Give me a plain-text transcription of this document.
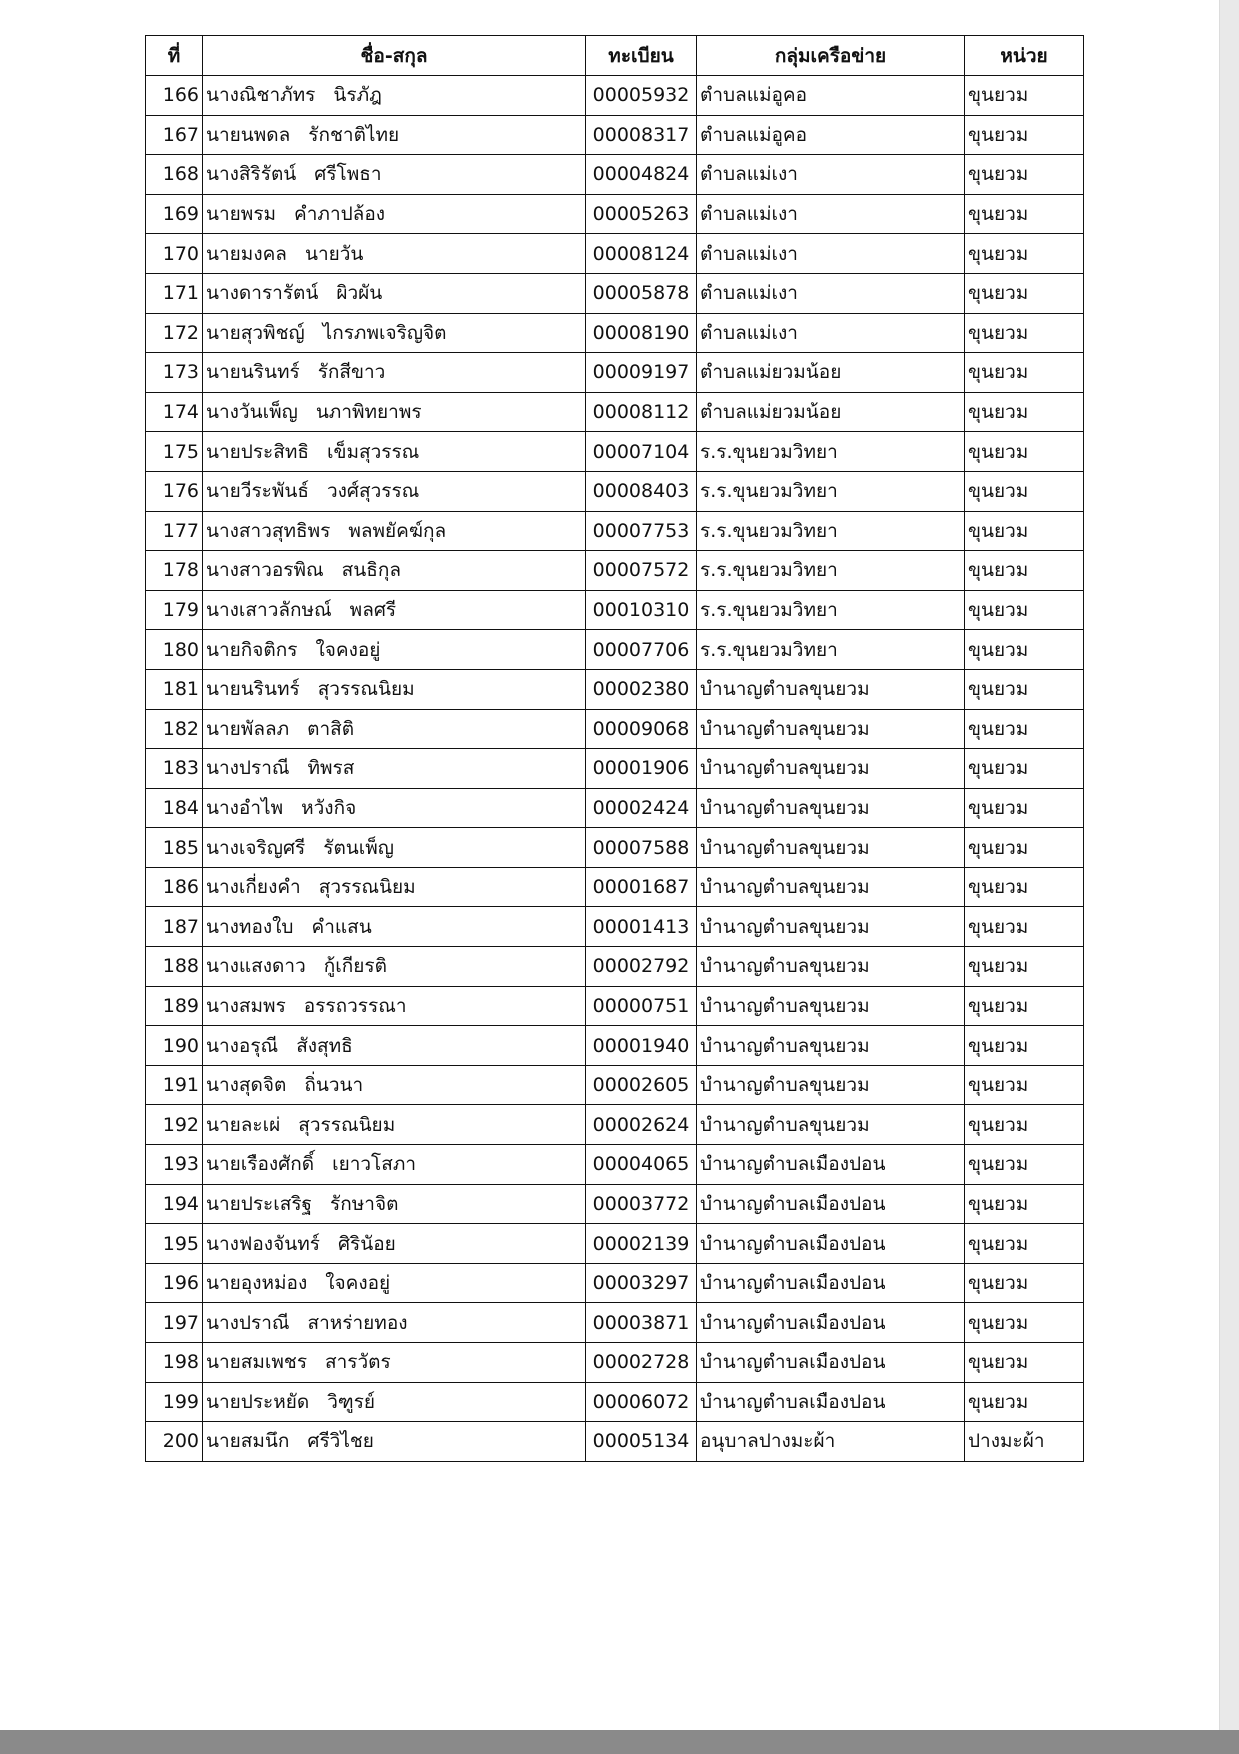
ที่	ชื่อ-สกุล	ทะเบียน	กลุ่มเครือข่าย	หน่วย
166	นางณิชาภัทร นิรภัฎ	00005932	ตำบลแม่อูคอ	ขุนยวม
167	นายนพดล รักชาติไทย	00008317	ตำบลแม่อูคอ	ขุนยวม
168	นางสิริรัตน์ ศรีโพธา	00004824	ตำบลแม่เงา	ขุนยวม
169	นายพรม คำภาปล้อง	00005263	ตำบลแม่เงา	ขุนยวม
170	นายมงคล นายวัน	00008124	ตำบลแม่เงา	ขุนยวม
171	นางดารารัตน์ ผิวผัน	00005878	ตำบลแม่เงา	ขุนยวม
172	นายสุวพิชญ์ ไกรภพเจริญจิต	00008190	ตำบลแม่เงา	ขุนยวม
173	นายนรินทร์ รักสีขาว	00009197	ตำบลแม่ยวมน้อย	ขุนยวม
174	นางวันเพ็ญ นภาพิทยาพร	00008112	ตำบลแม่ยวมน้อย	ขุนยวม
175	นายประสิทธิ เข็มสุวรรณ	00007104	ร.ร.ขุนยวมวิทยา	ขุนยวม
176	นายวีระพันธ์ วงศ์สุวรรณ	00008403	ร.ร.ขุนยวมวิทยา	ขุนยวม
177	นางสาวสุทธิพร พลพยัคฆ์กุล	00007753	ร.ร.ขุนยวมวิทยา	ขุนยวม
178	นางสาวอรพิณ สนธิกุล	00007572	ร.ร.ขุนยวมวิทยา	ขุนยวม
179	นางเสาวลักษณ์ พลศรี	00010310	ร.ร.ขุนยวมวิทยา	ขุนยวม
180	นายกิจติกร ใจคงอยู่	00007706	ร.ร.ขุนยวมวิทยา	ขุนยวม
181	นายนรินทร์ สุวรรณนิยม	00002380	บำนาญตำบลขุนยวม	ขุนยวม
182	นายพัลลภ ตาสิติ	00009068	บำนาญตำบลขุนยวม	ขุนยวม
183	นางปราณี ทิพรส	00001906	บำนาญตำบลขุนยวม	ขุนยวม
184	นางอำไพ หวังกิจ	00002424	บำนาญตำบลขุนยวม	ขุนยวม
185	นางเจริญศรี รัตนเพ็ญ	00007588	บำนาญตำบลขุนยวม	ขุนยวม
186	นางเกี่ยงคำ สุวรรณนิยม	00001687	บำนาญตำบลขุนยวม	ขุนยวม
187	นางทองใบ คำแสน	00001413	บำนาญตำบลขุนยวม	ขุนยวม
188	นางแสงดาว กู้เกียรติ	00002792	บำนาญตำบลขุนยวม	ขุนยวม
189	นางสมพร อรรถวรรณา	00000751	บำนาญตำบลขุนยวม	ขุนยวม
190	นางอรุณี สังสุทธิ	00001940	บำนาญตำบลขุนยวม	ขุนยวม
191	นางสุดจิต ถิ่นวนา	00002605	บำนาญตำบลขุนยวม	ขุนยวม
192	นายละเผ่ สุวรรณนิยม	00002624	บำนาญตำบลขุนยวม	ขุนยวม
193	นายเรืองศักดิ์ เยาวโสภา	00004065	บำนาญตำบลเมืองปอน	ขุนยวม
194	นายประเสริฐ รักษาจิต	00003772	บำนาญตำบลเมืองปอน	ขุนยวม
195	นางฟองจันทร์ ศิรินัอย	00002139	บำนาญตำบลเมืองปอน	ขุนยวม
196	นายอุงหม่อง ใจคงอยู่	00003297	บำนาญตำบลเมืองปอน	ขุนยวม
197	นางปราณี สาหร่ายทอง	00003871	บำนาญตำบลเมืองปอน	ขุนยวม
198	นายสมเพชร สารวัตร	00002728	บำนาญตำบลเมืองปอน	ขุนยวม
199	นายประหยัด วิฑูรย์	00006072	บำนาญตำบลเมืองปอน	ขุนยวม
200	นายสมนึก ศรีวิไชย	00005134	อนุบาลปางมะผ้า	ปางมะผ้า
